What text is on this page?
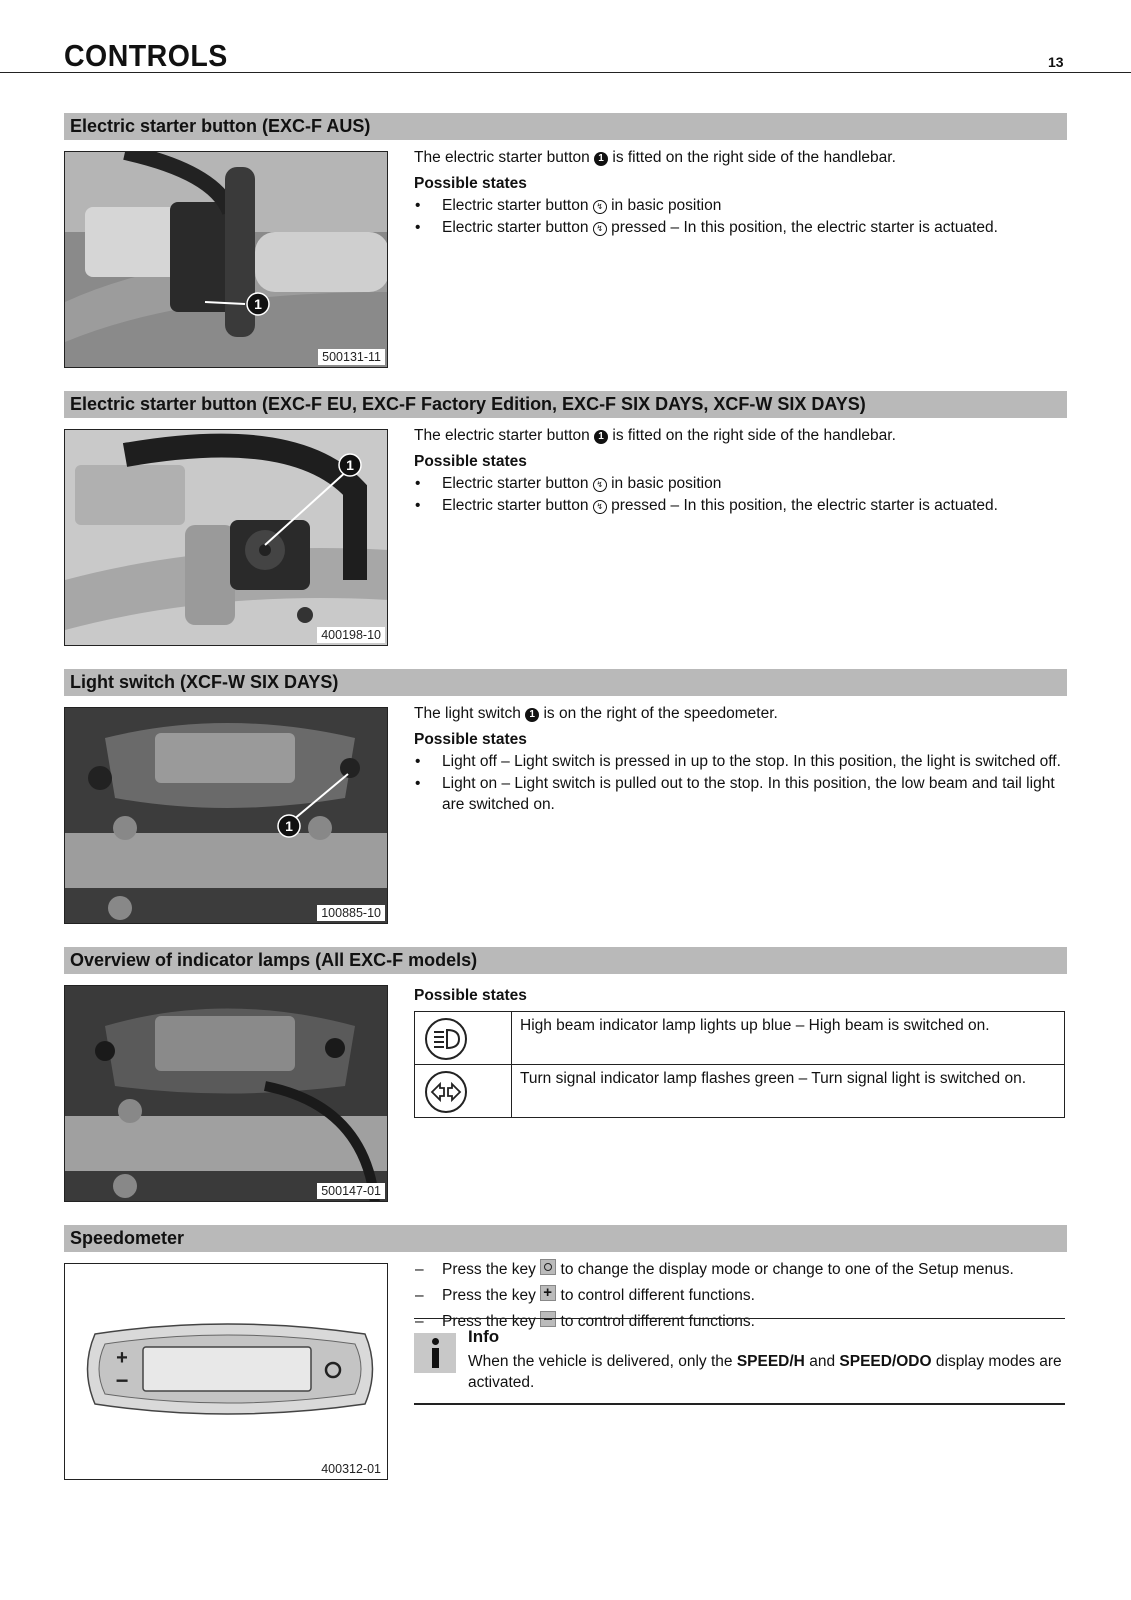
CONTROLS	13
Electric starter button (EXC-F AUS)
1
500131-11

The electric starter button 1 is fitted on the right side of the handlebar.

Possible states
• Electric starter button ↯ in basic position
• Electric starter button ↯ pressed – In this position, the electric starter is actuated.
Electric starter button (EXC-F EU, EXC-F Factory Edition, EXC-F SIX DAYS, XCF-W SIX DAYS)
1
400198-10

The electric starter button 1 is fitted on the right side of the handlebar.

Possible states
• Electric starter button ↯ in basic position
• Electric starter button ↯ pressed – In this position, the electric starter is actuated.
Light switch (XCF-W SIX DAYS)
1
100885-10

The light switch 1 is on the right of the speedometer.

Possible states
• Light off – Light switch is pressed in up to the stop. In this position, the light is switched off.
• Light on – Light switch is pulled out to the stop. In this position, the low beam and tail light are switched on.
Overview of indicator lamps (All EXC-F models)
500147-01
Possible states
	High beam indicator lamp lights up blue – High beam is switched on.

	Turn signal indicator lamp flashes green – Turn signal light is switched on.
Speedometer
+
−
400312-01
– Press the key to change the display mode or change to one of the Setup menus.
– Press the key + to control different functions.
– Press the key to control different functions.
Info
When the vehicle is delivered, only the SPEED/H and SPEED/ODO display modes are activated.
